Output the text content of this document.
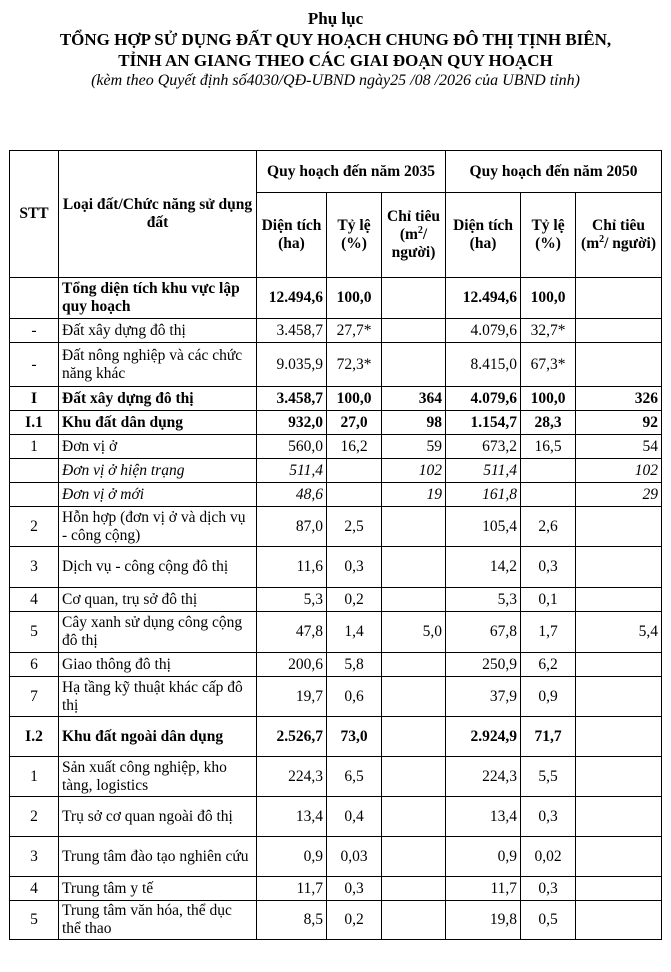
Phụ lục
TỔNG HỢP SỬ DỤNG ĐẤT QUY HOẠCH CHUNG ĐÔ THỊ TỊNH BIÊN,
TỈNH AN GIANG THEO CÁC GIAI ĐOẠN QUY HOẠCH
(kèm theo Quyết định số4030/QĐ-UBND ngày25 /08 /2026 của UBND tỉnh)
STT	Loại đất/Chức năng sử dụng đất	Quy hoạch đến năm 2035			Quy hoạch đến năm 2050		
		Diện tích (ha)	Tỷ lệ (%)	Chỉ tiêu ($m^2/$ người)	Diện tích (ha)	Tỷ lệ (%)	Chỉ tiêu ($m^2/$ người)
	Tổng diện tích khu vực lập quy hoạch	12.494,6	100,0		12.494,6	100,0	
-	Đất xây dựng đô thị	3.458,7	27,7*		4.079,6	32,7*	
-	Đất nông nghiệp và các chức năng khác	9.035,9	72,3*		8.415,0	67,3*	
I	Đất xây dựng đô thị	3.458,7	100,0	364	4.079,6	100,0	326
I.1	Khu đất dân dụng	932,0	27,0	98	1.154,7	28,3	92
1	Đơn vị ở	560,0	16,2	59	673,2	16,5	54
	Đơn vị ở hiện trạng	511,4		102	511,4		102
	Đơn vị ở mới	48,6		19	161,8		29
2	Hỗn hợp (đơn vị ở và dịch vụ - công cộng)	87,0	2,5		105,4	2,6	
3	Dịch vụ - công cộng đô thị	11,6	0,3		14,2	0,3	
4	Cơ quan, trụ sở đô thị	5,3	0,2		5,3	0,1	
5	Cây xanh sử dụng công cộng đô thị	47,8	1,4	5,0	67,8	1,7	5,4
6	Giao thông đô thị	200,6	5,8		250,9	6,2	
7	Hạ tầng kỹ thuật khác cấp đô thị	19,7	0,6		37,9	0,9	
I.2	Khu đất ngoài dân dụng	2.526,7	73,0		2.924,9	71,7	
1	Sản xuất công nghiệp, kho tàng, logistics	224,3	6,5		224,3	5,5	
2	Trụ sở cơ quan ngoài đô thị	13,4	0,4		13,4	0,3	
3	Trung tâm đào tạo nghiên cứu	0,9	0,03		0,9	0,02	
4	Trung tâm y tế	11,7	0,3		11,7	0,3	
5	Trung tâm văn hóa, thể dục thể thao	8,5	0,2		19,8	0,5	
